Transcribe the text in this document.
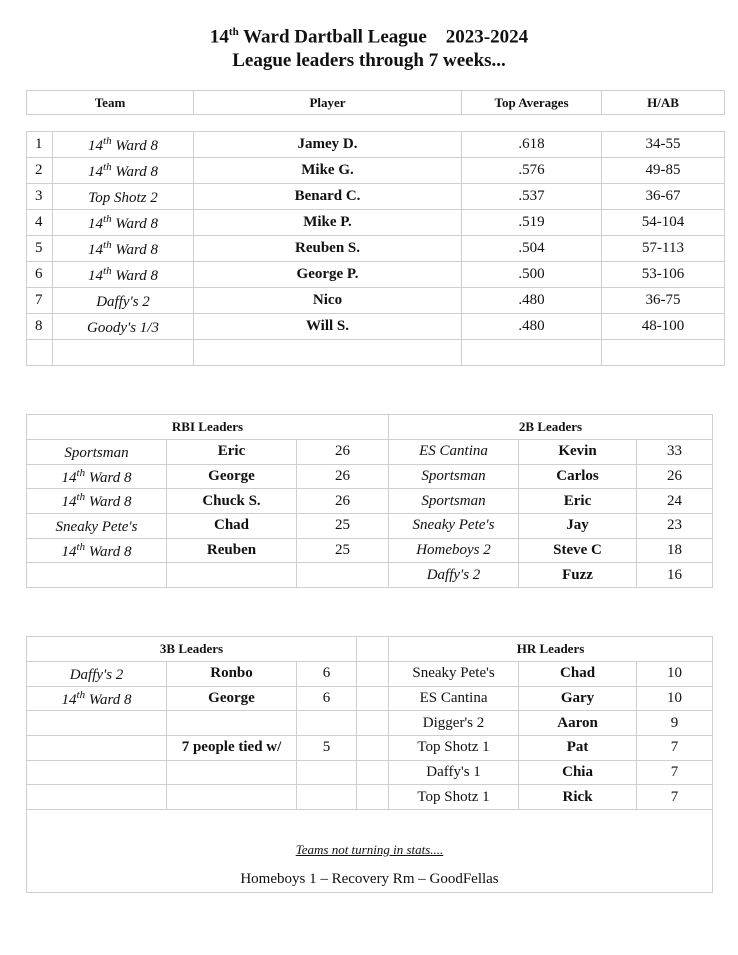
14th Ward Dartball League    2023-2024
League leaders through 7 weeks...
Team	Player	Top Averages	H/AB
1	14th Ward 8	Jamey D.	.618	34-55
2	14th Ward 8	Mike G.	.576	49-85
3	Top Shotz 2	Benard C.	.537	36-67
4	14th Ward 8	Mike P.	.519	54-104
5	14th Ward 8	Reuben S.	.504	57-113
6	14th Ward 8	George P.	.500	53-106
7	Daffy's 2	Nico	.480	36-75
8	Goody's 1/3	Will S.	.480	48-100

RBI Leaders			2B Leaders		
Sportsman	Eric	26	ES Cantina	Kevin	33
14th Ward 8	George	26	Sportsman	Carlos	26
14th Ward 8	Chuck S.	26	Sportsman	Eric	24
Sneaky Pete's	Chad	25	Sneaky Pete's	Jay	23
14th Ward 8	Reuben	25	Homeboys 2	Steve C	18
			Daffy's 2	Fuzz	16
3B Leaders				HR Leaders		
Daffy's 2	Ronbo	6		Sneaky Pete's	Chad	10
14th Ward 8	George	6		ES Cantina	Gary	10
				Digger's 2	Aaron	9
	7 people tied w/	5		Top Shotz 1	Pat	7
				Daffy's 1	Chia	7
				Top Shotz 1	Rick	7
Teams not turning in stats....
Homeboys 1 – Recovery Rm – GoodFellas
